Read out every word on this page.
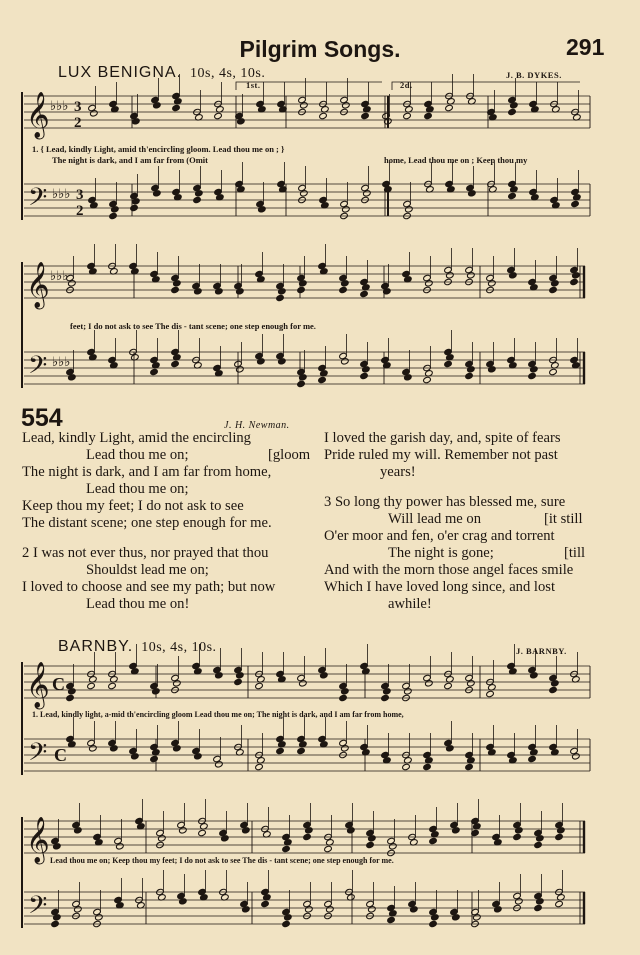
𝄞
𝄢
𝄞
𝄢
𝄞
𝄢
𝄞
𝄢
♭♭♭
♭♭♭
♭♭♭
♭♭♭
3
2
3
2
C
C
Pilgrim Songs.	291
LUX BENIGNA. 10s, 4s, 10s.	J. B. DYKES.
1st.	2d.
1. { Lead, kindly Light, amid th'encircling gloom. Lead thou me on ; }
The night is dark, and I am far from (Omit	home, Lead thou me on ; Keep thou my
feet; I do not ask to see The dis - tant scene; one step enough for me.
554	J. H. Newman.
Lead, kindly Light, amid the encircling
Lead thou me on;	[gloom
The night is dark, and I am far from home,
Lead thou me on;
Keep thou my feet; I do not ask to see
The distant scene; one step enough for me.
2 I was not ever thus, nor prayed that thou
Shouldst lead me on;
I loved to choose and see my path; but now
Lead thou me on!
I loved the garish day, and, spite of fears
Pride ruled my will. Remember not past
years!
3 So long thy power has blessed me, sure
Will lead me on	[it still
O'er moor and fen, o'er crag and torrent
The night is gone;	[till
And with the morn those angel faces smile
Which I have loved long since, and lost
awhile!
BARNBY. 10s, 4s, 10s.	J. BARNBY.
1. Lead, kindly light, a-mid th'encircling gloom Lead thou me on; The night is dark, and I am far from home,
Lead thou me on; Keep thou my feet; I do not ask to see The dis - tant scene; one step enough for me.
